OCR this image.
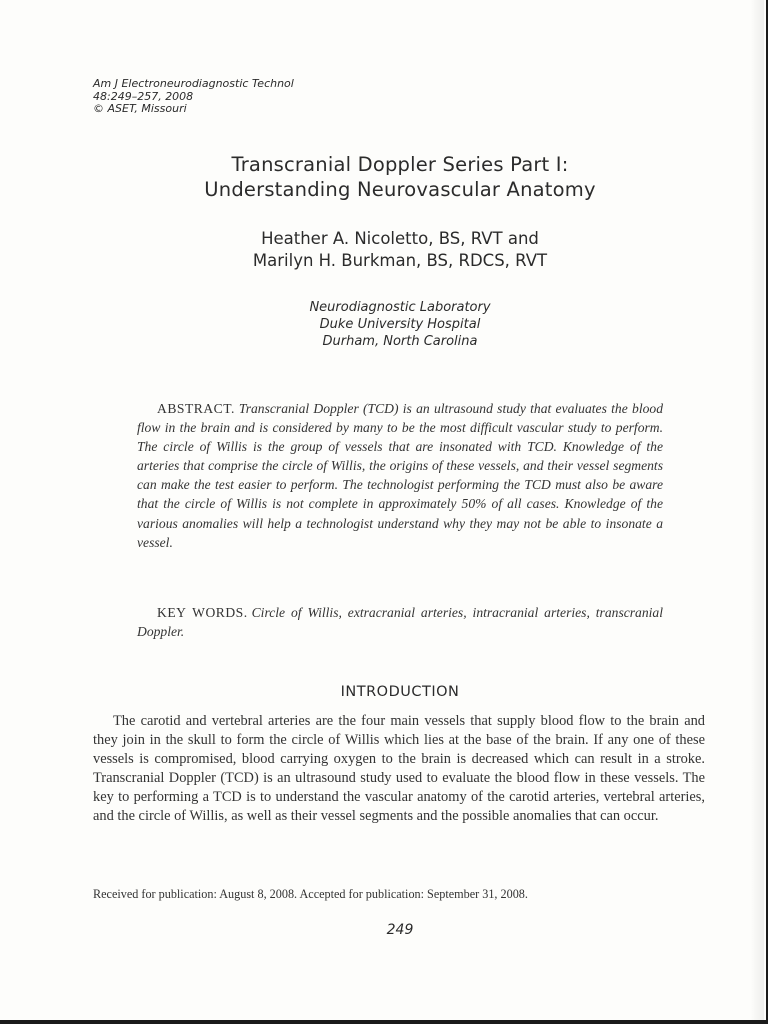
Am J Electroneurodiagnostic Technol
48:249–257, 2008
© ASET, Missouri
Transcranial Doppler Series Part I:
Understanding Neurovascular Anatomy
Heather A. Nicoletto, BS, RVT and
Marilyn H. Burkman, BS, RDCS, RVT
Neurodiagnostic Laboratory
Duke University Hospital
Durham, North Carolina
ABSTRACT. Transcranial Doppler (TCD) is an ultrasound study that evaluates the blood flow in the brain and is considered by many to be the most difficult vascular study to perform. The circle of Willis is the group of vessels that are insonated with TCD. Knowledge of the arteries that comprise the circle of Willis, the origins of these vessels, and their vessel segments can make the test easier to perform. The technologist performing the TCD must also be aware that the circle of Willis is not complete in approximately 50% of all cases. Knowledge of the various anomalies will help a technologist understand why they may not be able to insonate a vessel.
KEY WORDS. Circle of Willis, extracranial arteries, intracranial arteries, transcranial Doppler.
INTRODUCTION
The carotid and vertebral arteries are the four main vessels that supply blood flow to the brain and they join in the skull to form the circle of Willis which lies at the base of the brain. If any one of these vessels is compromised, blood carrying oxygen to the brain is decreased which can result in a stroke. Transcranial Doppler (TCD) is an ultrasound study used to evaluate the blood flow in these vessels. The key to performing a TCD is to understand the vascular anatomy of the carotid arteries, vertebral arteries, and the circle of Willis, as well as their vessel segments and the possible anomalies that can occur.
Received for publication: August 8, 2008. Accepted for publication: September 31, 2008.
249
